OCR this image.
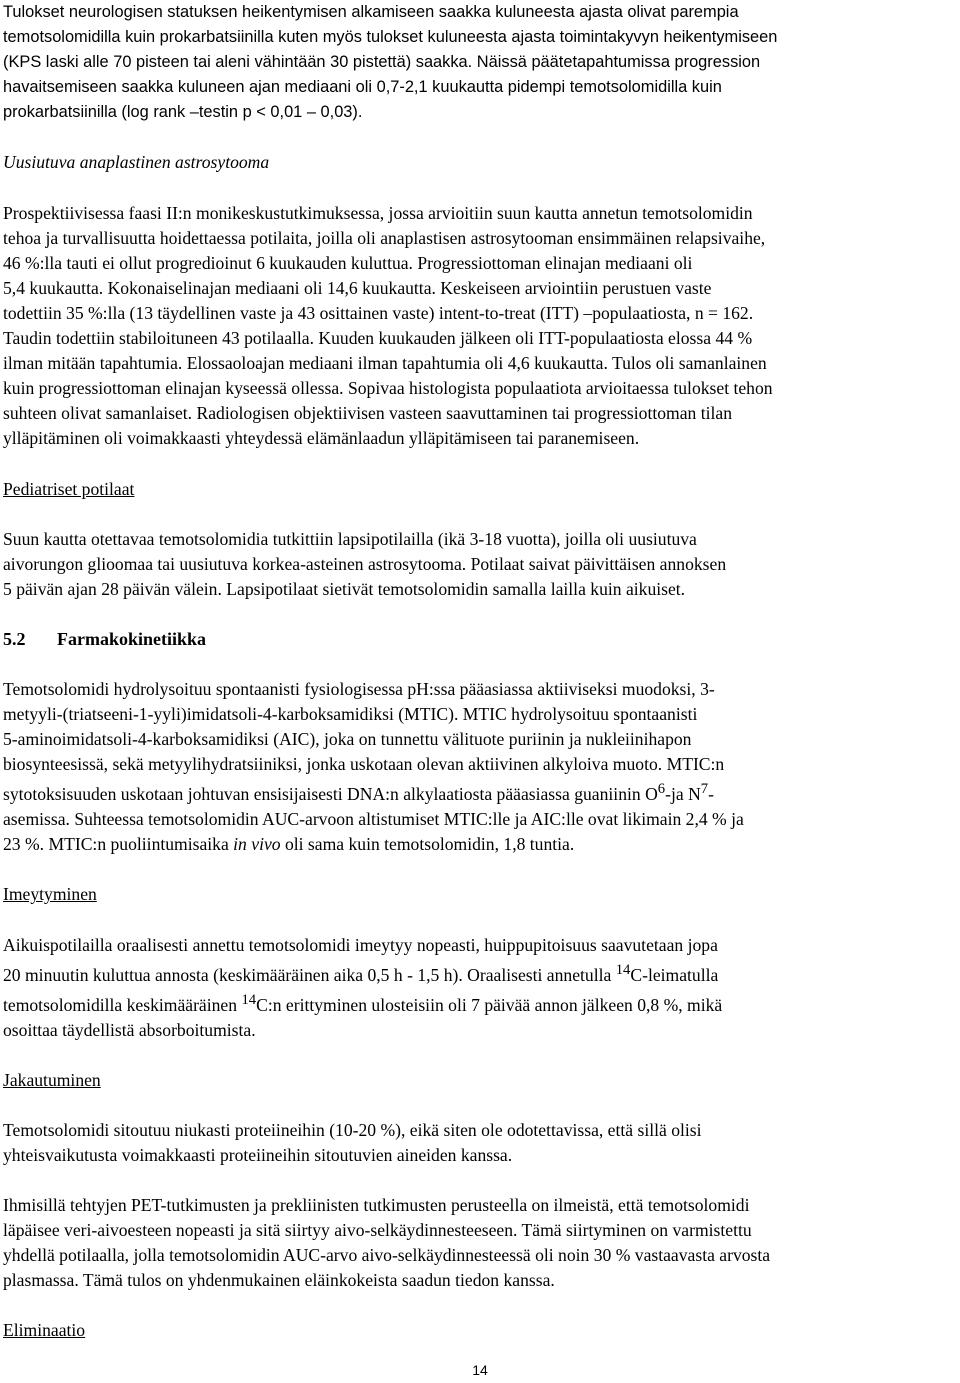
Tulokset neurologisen statuksen heikentymisen alkamiseen saakka kuluneesta ajasta olivat parempia
temotsolomidilla kuin prokarbatsiinilla kuten myös tulokset kuluneesta ajasta toimintakyvyn heikentymiseen
(KPS laski alle 70 pisteen tai aleni vähintään 30 pistettä) saakka. Näissä päätetapahtumissa progression
havaitsemiseen saakka kuluneen ajan mediaani oli 0,7-2,1 kuukautta pidempi temotsolomidilla kuin
prokarbatsiinilla (log rank –testin p < 0,01 – 0,03).

Uusiutuva anaplastinen astrosytooma

Prospektiivisessa faasi II:n monikeskustutkimuksessa, jossa arvioitiin suun kautta annetun temotsolomidin
tehoa ja turvallisuutta hoidettaessa potilaita, joilla oli anaplastisen astrosytooman ensimmäinen relapsivaihe,
46 %:lla tauti ei ollut progredioinut 6 kuukauden kuluttua. Progressiottoman elinajan mediaani oli
5,4 kuukautta. Kokonaiselinajan mediaani oli 14,6 kuukautta. Keskeiseen arviointiin perustuen vaste
todettiin 35 %:lla (13 täydellinen vaste ja 43 osittainen vaste) intent-to-treat (ITT) –populaatiosta, n = 162.
Taudin todettiin stabiloituneen 43 potilaalla. Kuuden kuukauden jälkeen oli ITT-populaatiosta elossa 44 %
ilman mitään tapahtumia. Elossaoloajan mediaani ilman tapahtumia oli 4,6 kuukautta. Tulos oli samanlainen
kuin progressiottoman elinajan kyseessä ollessa. Sopivaa histologista populaatiota arvioitaessa tulokset tehon
suhteen olivat samanlaiset. Radiologisen objektiivisen vasteen saavuttaminen tai progressiottoman tilan
ylläpitäminen oli voimakkaasti yhteydessä elämänlaadun ylläpitämiseen tai paranemiseen.

Pediatriset potilaat

Suun kautta otettavaa temotsolomidia tutkittiin lapsipotilailla (ikä 3-18 vuotta), joilla oli uusiutuva
aivorungon glioomaa tai uusiutuva korkea-asteinen astrosytooma. Potilaat saivat päivittäisen annoksen
5 päivän ajan 28 päivän välein. Lapsipotilaat sietivät temotsolomidin samalla lailla kuin aikuiset.

5.2 Farmakokinetiikka

Temotsolomidi hydrolysoituu spontaanisti fysiologisessa pH:ssa pääasiassa aktiiviseksi muodoksi, 3-
metyyli-(triatseeni-1-yyli)imidatsoli-4-karboksamidiksi (MTIC). MTIC hydrolysoituu spontaanisti
5-aminoimidatsoli-4-karboksamidiksi (AIC), joka on tunnettu välituote puriinin ja nukleiinihapon
biosynteesissä, sekä metyylihydratsiiniksi, jonka uskotaan olevan aktiivinen alkyloiva muoto. MTIC:n
sytotoksisuuden uskotaan johtuvan ensisijaisesti DNA:n alkylaatiosta pääasiassa guaniinin $O^6-ja$ $N^7-$
asemissa. Suhteessa temotsolomidin AUC-arvoon altistumiset MTIC:lle ja AIC:lle ovat likimain 2,4 % ja
23 %. MTIC:n puoliintumisaika in vivo oli sama kuin temotsolomidin, 1,8 tuntia.

Imeytyminen

Aikuispotilailla oraalisesti annettu temotsolomidi imeytyy nopeasti, huippupitoisuus saavutetaan jopa
20 minuutin kuluttua annosta (keskimääräinen aika 0,5 h - 1,5 h). Oraalisesti annetulla $^{14}$C-leimatulla
temotsolomidilla keskimääräinen $^{14}$C:n erittyminen ulosteisiin oli 7 päivää annon jälkeen 0,8 %, mikä
osoittaa täydellistä absorboitumista.

Jakautuminen

Temotsolomidi sitoutuu niukasti proteiineihin (10-20 %), eikä siten ole odotettavissa, että sillä olisi
yhteisvaikutusta voimakkaasti proteiineihin sitoutuvien aineiden kanssa.

Ihmisillä tehtyjen PET-tutkimusten ja prekliinisten tutkimusten perusteella on ilmeistä, että temotsolomidi
läpäisee veri-aivoesteen nopeasti ja sitä siirtyy aivo-selkäydinnesteeseen. Tämä siirtyminen on varmistettu
yhdellä potilaalla, jolla temotsolomidin AUC-arvo aivo-selkäydinnesteessä oli noin 30 % vastaavasta arvosta
plasmassa. Tämä tulos on yhdenmukainen eläinkokeista saadun tiedon kanssa.

Eliminaatio

14
